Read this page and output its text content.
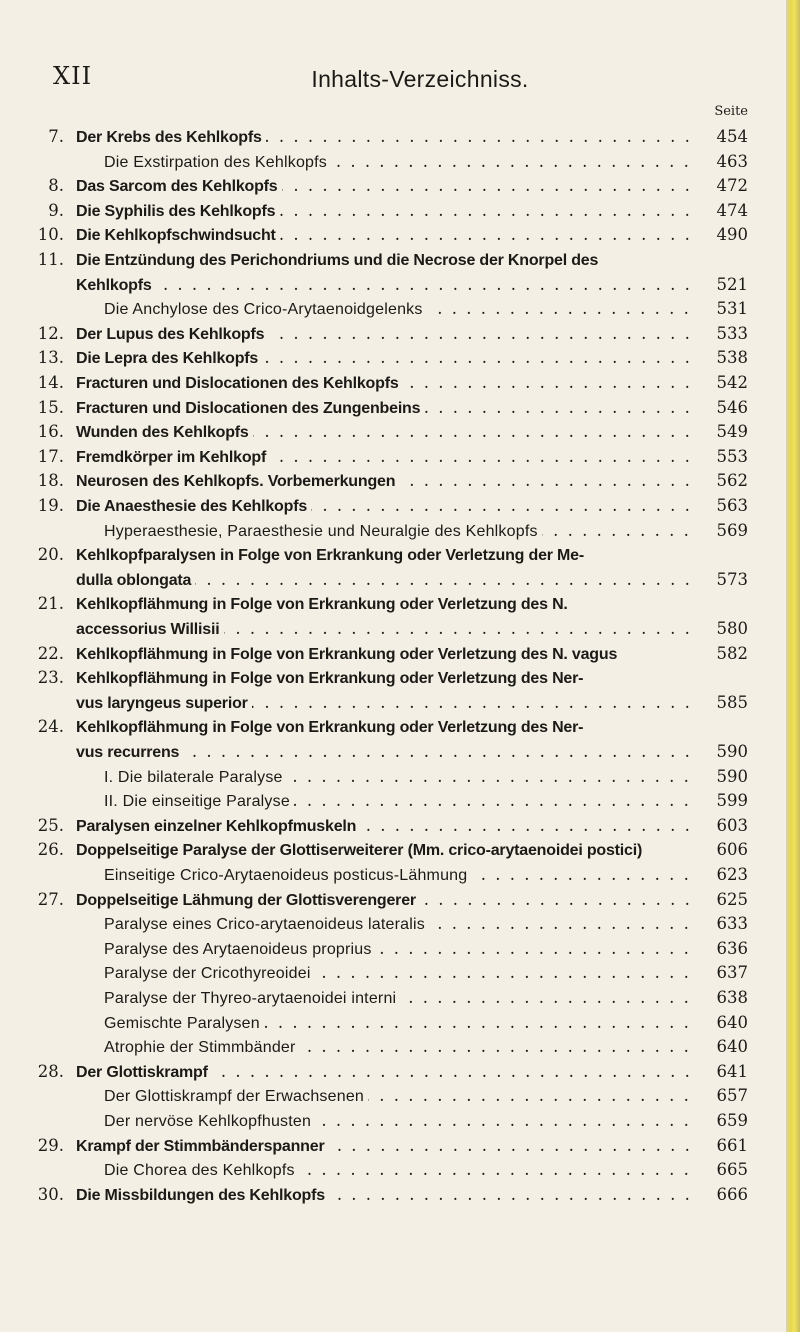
XII	Inhalts-Verzeichniss.
Seite
7. Der Krebs des Kehlkopfs . . .	454
Die Exstirpation des Kehlkopfs . . .	463
8. Das Sarcom des Kehlkopfs . . .	472
9. Die Syphilis des Kehlkopfs . . .	474
10. Die Kehlkopfschwindsucht . . .	490
11. Die Entzündung des Perichondriums und die Necrose der Knorpel des
Kehlkopfs . . .	521
Die Anchylose des Crico-Arytaenoidgelenks . . .	531
12. Der Lupus des Kehlkopfs . . .	533
13. Die Lepra des Kehlkopfs . . .	538
14. Fracturen und Dislocationen des Kehlkopfs . . .	542
15. Fracturen und Dislocationen des Zungenbeins . . .	546
16. Wunden des Kehlkopfs . . .	549
17. Fremdkörper im Kehlkopf . . .	553
18. Neurosen des Kehlkopfs. Vorbemerkungen . . .	562
19. Die Anaesthesie des Kehlkopfs . . .	563
Hyperaesthesie, Paraesthesie und Neuralgie des Kehlkopfs . . .	569
20. Kehlkopfparalysen in Folge von Erkrankung oder Verletzung der Me-
dulla oblongata . . .	573
21. Kehlkopflähmung in Folge von Erkrankung oder Verletzung des N.
accessorius Willisii . . .	580
22. Kehlkopflähmung in Folge von Erkrankung oder Verletzung des N. vagus	582
23. Kehlkopflähmung in Folge von Erkrankung oder Verletzung des Ner-
vus laryngeus superior . . .	585
24. Kehlkopflähmung in Folge von Erkrankung oder Verletzung des Ner-
vus recurrens . . .	590
I. Die bilaterale Paralyse . . .	590
II. Die einseitige Paralyse . . .	599
25. Paralysen einzelner Kehlkopfmuskeln . . .	603
26. Doppelseitige Paralyse der Glottiserweiterer (Mm. crico-arytaenoidei postici)	606
Einseitige Crico-Arytaenoideus posticus-Lähmung . . .	623
27. Doppelseitige Lähmung der Glottisverengerer . . .	625
Paralyse eines Crico-arytaenoideus lateralis . . .	633
Paralyse des Arytaenoideus proprius . . .	636
Paralyse der Cricothyreoidei . . .	637
Paralyse der Thyreo-arytaenoidei interni . . .	638
Gemischte Paralysen . . .	640
Atrophie der Stimmbänder . . .	640
28. Der Glottiskrampf . . .	641
Der Glottiskrampf der Erwachsenen . . .	657
Der nervöse Kehlkopfhusten . . .	659
29. Krampf der Stimmbänderspanner . . .	661
Die Chorea des Kehlkopfs . . .	665
30. Die Missbildungen des Kehlkopfs . . .	666
